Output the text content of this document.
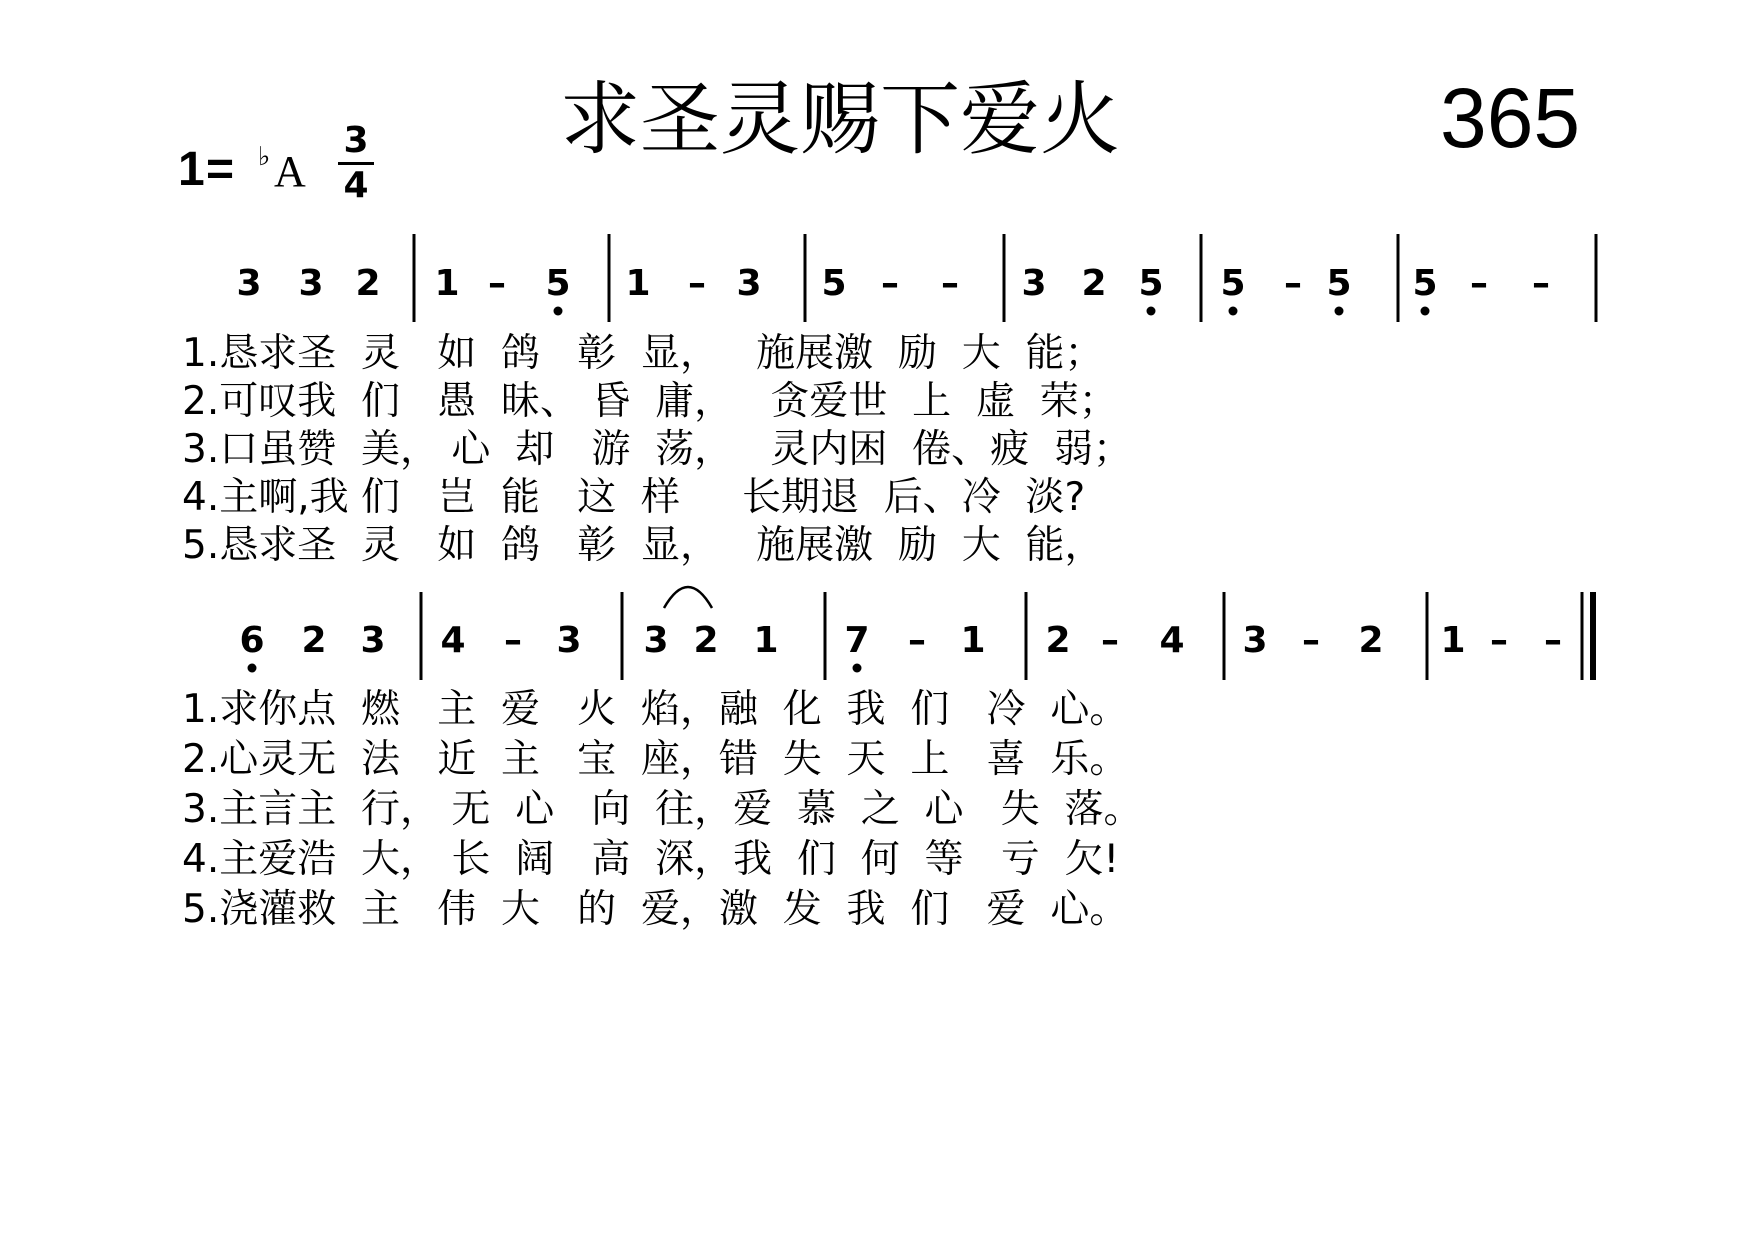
求圣灵赐下爱火	365
1 = ♭ A
3
4
3 3 2 1 – 5 1 – 3 5 – – 3 2 5 5 – 5 5 – –
6 2 3 4 – 3 3 2 1 7 – 1 2 – 4 3 – 2 1 – –
1.恳求圣  灵   如  鸽   彰  显，   施展激  励  大  能；
2.可叹我  们   愚  昧、 昏  庸，   贪爱世  上  虚  荣；
3.口虽赞  美， 心  却   游  荡，   灵内困  倦、疲  弱；
4.主啊,我 们   岂  能   这  样     长期退  后、冷  淡?
5.恳求圣  灵   如  鸽   彰  显，   施展激  励  大  能，
1.求你点  燃   主  爱   火  焰，融  化  我  们   冷  心。
2.心灵无  法   近  主   宝  座，错  失  天  上   喜  乐。
3.主言主  行， 无  心   向  往，爱  慕  之  心   失  落。
4.主爱浩  大， 长  阔   高  深，我  们  何  等   亏  欠!
5.浇灌救  主   伟  大   的  爱，激  发  我  们   爱  心。
